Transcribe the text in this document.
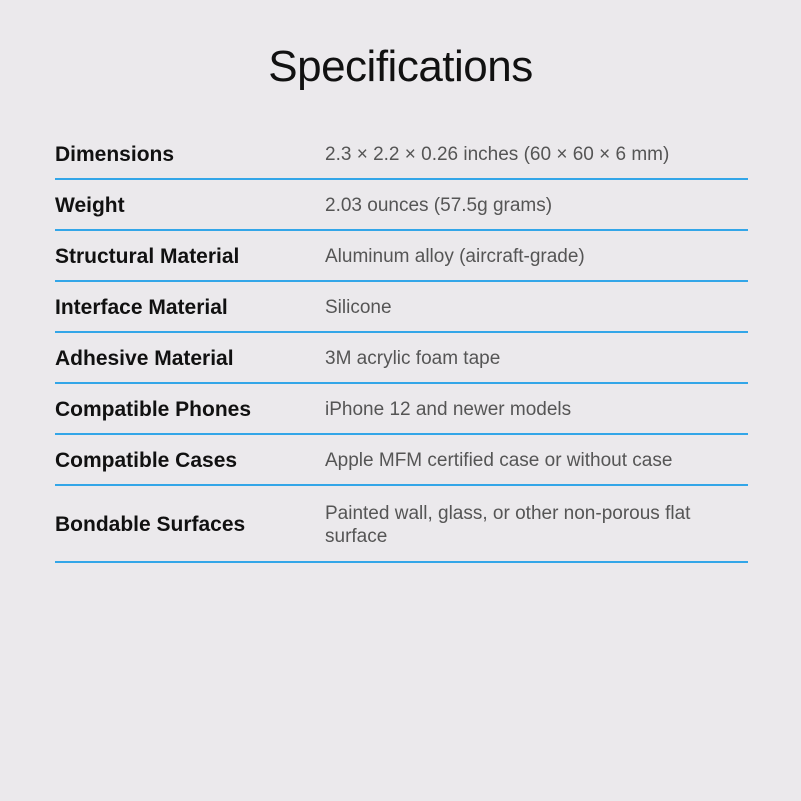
Specifications
Dimensions	2.3 × 2.2 × 0.26 inches (60 × 60 × 6 mm)
Weight	2.03 ounces (57.5g grams)
Structural Material	Aluminum alloy (aircraft-grade)
Interface Material	Silicone
Adhesive Material	3M acrylic foam tape
Compatible Phones	iPhone 12 and newer models
Compatible Cases	Apple MFM certified case or without case
Bondable Surfaces	Painted wall, glass, or other non-porous flat surface
